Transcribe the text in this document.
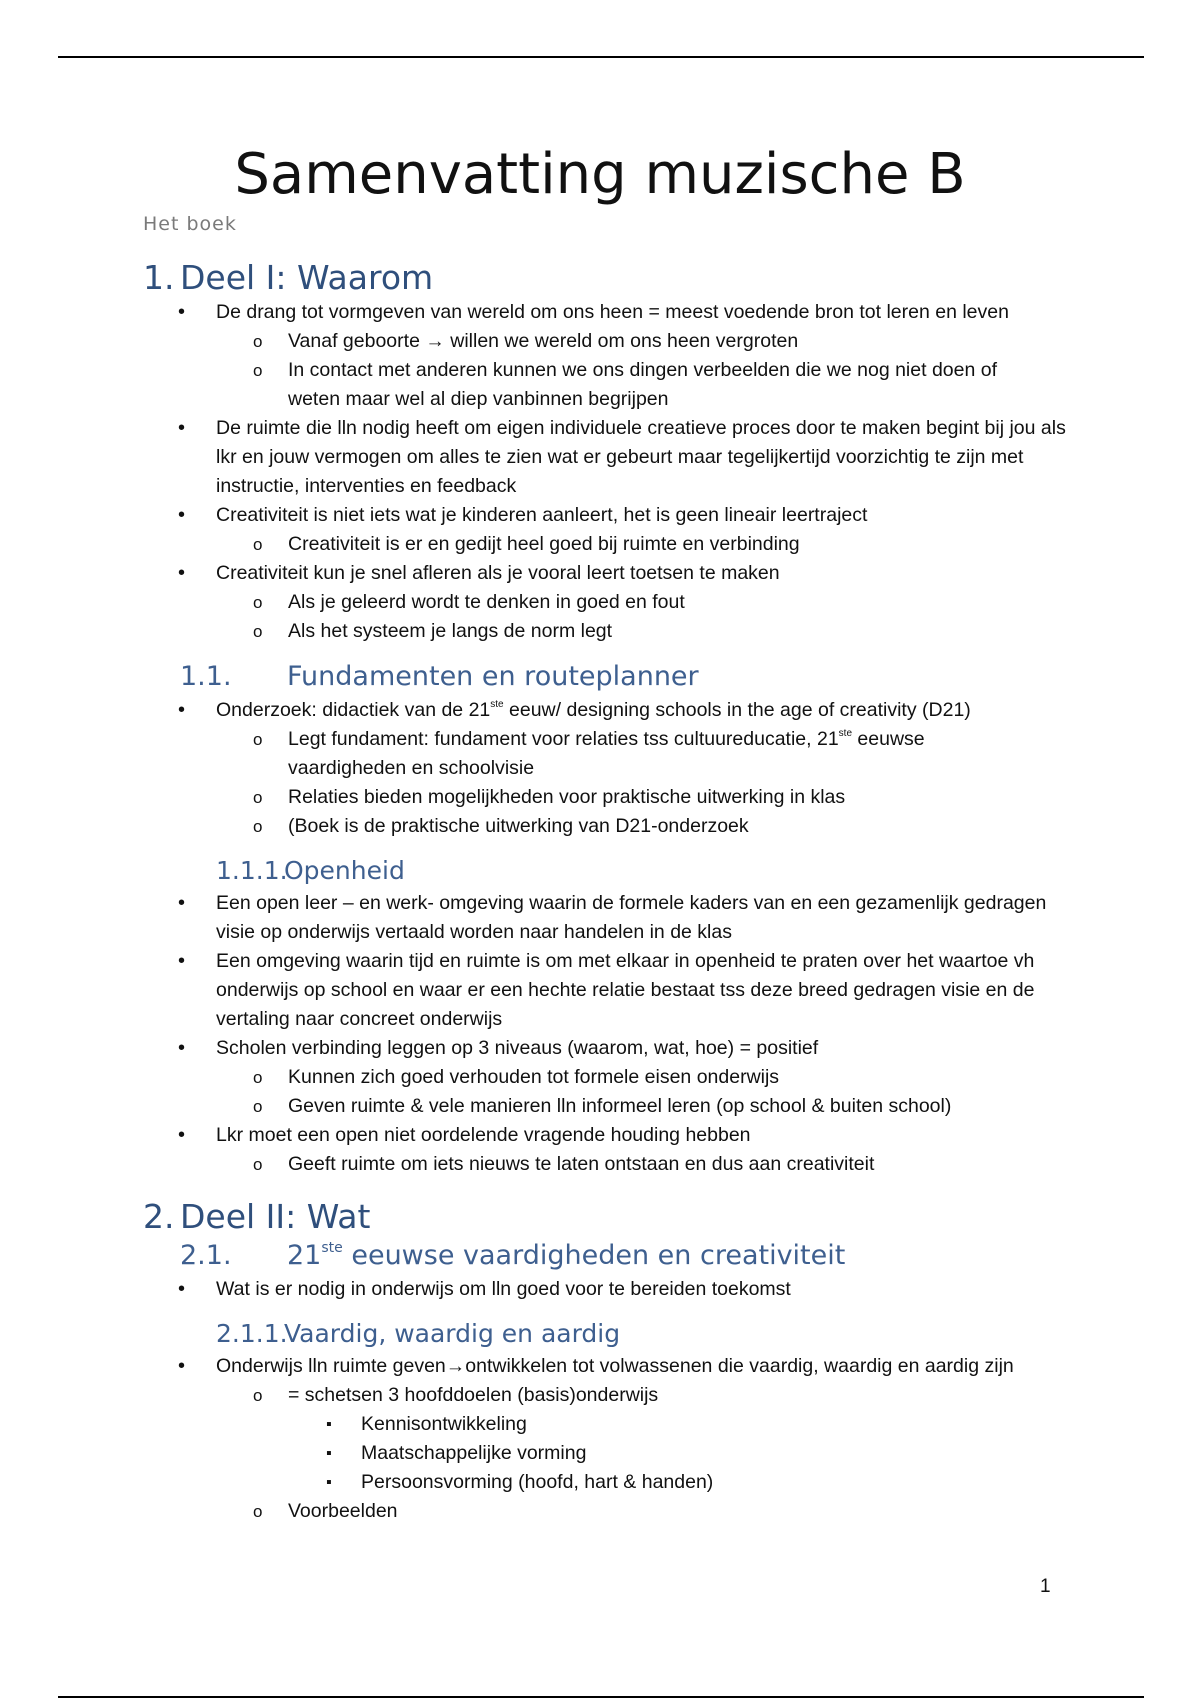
Samenvatting muzische B
Het boek
1. Deel I: Waarom
• De drang tot vormgeven van wereld om ons heen = meest voedende bron tot leren en leven
o Vanaf geboorte → willen we wereld om ons heen vergroten
o In contact met anderen kunnen we ons dingen verbeelden die we nog niet doen of weten maar wel al diep vanbinnen begrijpen
• De ruimte die lln nodig heeft om eigen individuele creatieve proces door te maken begint bij jou als lkr en jouw vermogen om alles te zien wat er gebeurt maar tegelijkertijd voorzichtig te zijn met instructie, interventies en feedback
• Creativiteit is niet iets wat je kinderen aanleert, het is geen lineair leertraject
o Creativiteit is er en gedijt heel goed bij ruimte en verbinding
• Creativiteit kun je snel afleren als je vooral leert toetsen te maken
o Als je geleerd wordt te denken in goed en fout
o Als het systeem je langs de norm legt
1.1. Fundamenten en routeplanner
• Onderzoek: didactiek van de 21ste eeuw/ designing schools in the age of creativity (D21)
o Legt fundament: fundament voor relaties tss cultuureducatie, 21ste eeuwse vaardigheden en schoolvisie
o Relaties bieden mogelijkheden voor praktische uitwerking in klas
o (Boek is de praktische uitwerking van D21-onderzoek
1.1.1.
Openheid
• Een open leer – en werk- omgeving waarin de formele kaders van en een gezamenlijk gedragen visie op onderwijs vertaald worden naar handelen in de klas
• Een omgeving waarin tijd en ruimte is om met elkaar in openheid te praten over het waartoe vh onderwijs op school en waar er een hechte relatie bestaat tss deze breed gedragen visie en de vertaling naar concreet onderwijs
• Scholen verbinding leggen op 3 niveaus (waarom, wat, hoe) = positief
o Kunnen zich goed verhouden tot formele eisen onderwijs
o Geven ruimte & vele manieren lln informeel leren (op school & buiten school)
• Lkr moet een open niet oordelende vragende houding hebben
o Geeft ruimte om iets nieuws te laten ontstaan en dus aan creativiteit
2. Deel II: Wat
2.1. 21ste eeuwse vaardigheden en creativiteit
• Wat is er nodig in onderwijs om lln goed voor te bereiden toekomst
2.1.1.
Vaardig, waardig en aardig
• Onderwijs lln ruimte geven→ontwikkelen tot volwassenen die vaardig, waardig en aardig zijn
o = schetsen 3 hoofddoelen (basis)onderwijs
▪ Kennisontwikkeling
▪ Maatschappelijke vorming
▪ Persoonsvorming (hoofd, hart & handen)
o Voorbeelden
1
